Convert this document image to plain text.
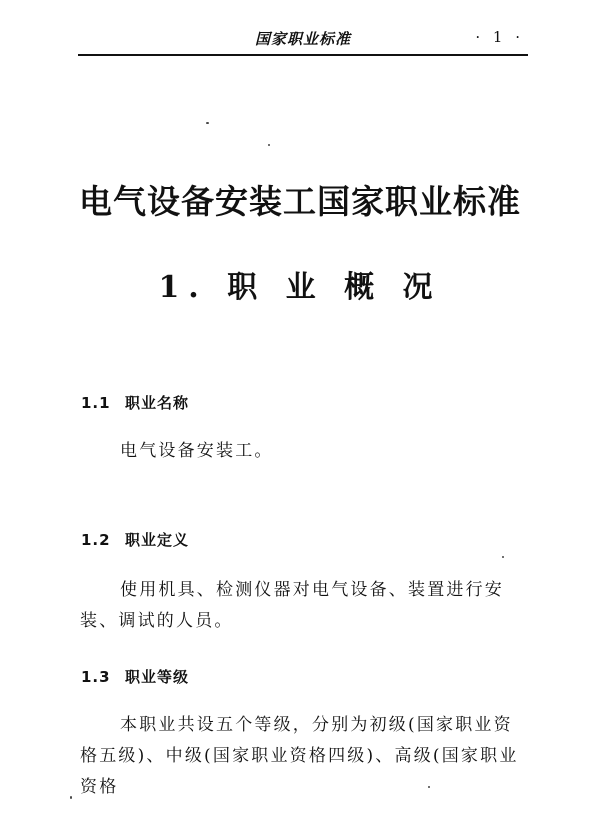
国家职业标准	· 1 ·
电气设备安装工国家职业标准
1. 职 业 概 况
1.1 职业名称
电气设备安装工。
1.2 职业定义
使用机具、检测仪器对电气设备、装置进行安装、调试的人员。
1.3 职业等级
本职业共设五个等级，分别为初级(国家职业资格五级)、中级(国家职业资格四级)、高级(国家职业资格
